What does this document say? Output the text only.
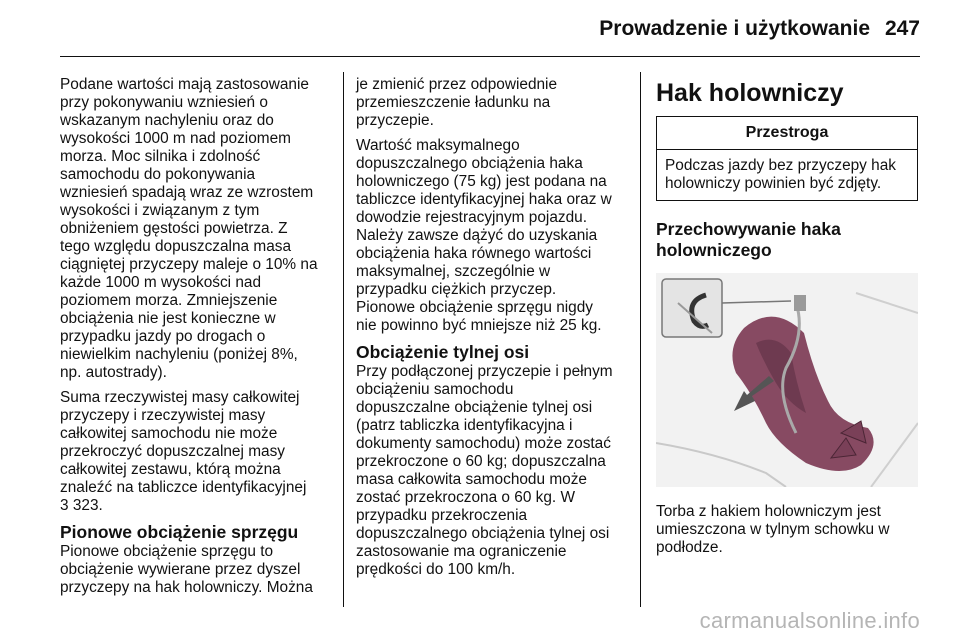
Prowadzenie i użytkowanie 247

Podane wartości mają zastosowanie
przy pokonywaniu wzniesień o
wskazanym nachyleniu oraz do
wysokości 1000 m nad poziomem
morza. Moc silnika i zdolność
samochodu do pokonywania
wzniesień spadają wraz ze wzrostem
wysokości i związanym z tym
obniżeniem gęstości powietrza. Z
tego względu dopuszczalna masa
ciągniętej przyczepy maleje o 10% na
każde 1000 m wysokości nad
poziomem morza. Zmniejszenie
obciążenia nie jest konieczne w
przypadku jazdy po drogach o
niewielkim nachyleniu (poniżej 8%,
np. autostrady).

Suma rzeczywistej masy całkowitej
przyczepy i rzeczywistej masy
całkowitej samochodu nie może
przekroczyć dopuszczalnej masy
całkowitej zestawu, którą można
znaleźć na tabliczce identyfikacyjnej
3 323.

Pionowe obciążenie sprzęgu

Pionowe obciążenie sprzęgu to
obciążenie wywierane przez dyszel
przyczepy na hak holowniczy. Można

je zmienić przez odpowiednie
przemieszczenie ładunku na
przyczepie.

Wartość maksymalnego
dopuszczalnego obciążenia haka
holowniczego (75 kg) jest podana na
tabliczce identyfikacyjnej haka oraz w
dowodzie rejestracyjnym pojazdu.
Należy zawsze dążyć do uzyskania
obciążenia haka równego wartości
maksymalnej, szczególnie w
przypadku ciężkich przyczep.
Pionowe obciążenie sprzęgu nigdy
nie powinno być mniejsze niż 25 kg.

Obciążenie tylnej osi

Przy podłączonej przyczepie i pełnym
obciążeniu samochodu
dopuszczalne obciążenie tylnej osi
(patrz tabliczka identyfikacyjna i
dokumenty samochodu) może zostać
przekroczone o 60 kg; dopuszczalna
masa całkowita samochodu może
zostać przekroczona o 60 kg. W
przypadku przekroczenia
dopuszczalnego obciążenia tylnej osi
zastosowanie ma ograniczenie
prędkości do 100 km/h.

Hak holowniczy
Przestroga
Podczas jazdy bez przyczepy hak
holowniczy powinien być zdjęty.
Przechowywanie haka
holowniczego
Torba z hakiem holowniczym jest
umieszczona w tylnym schowku w
podłodze.
carmanualsonline.info
